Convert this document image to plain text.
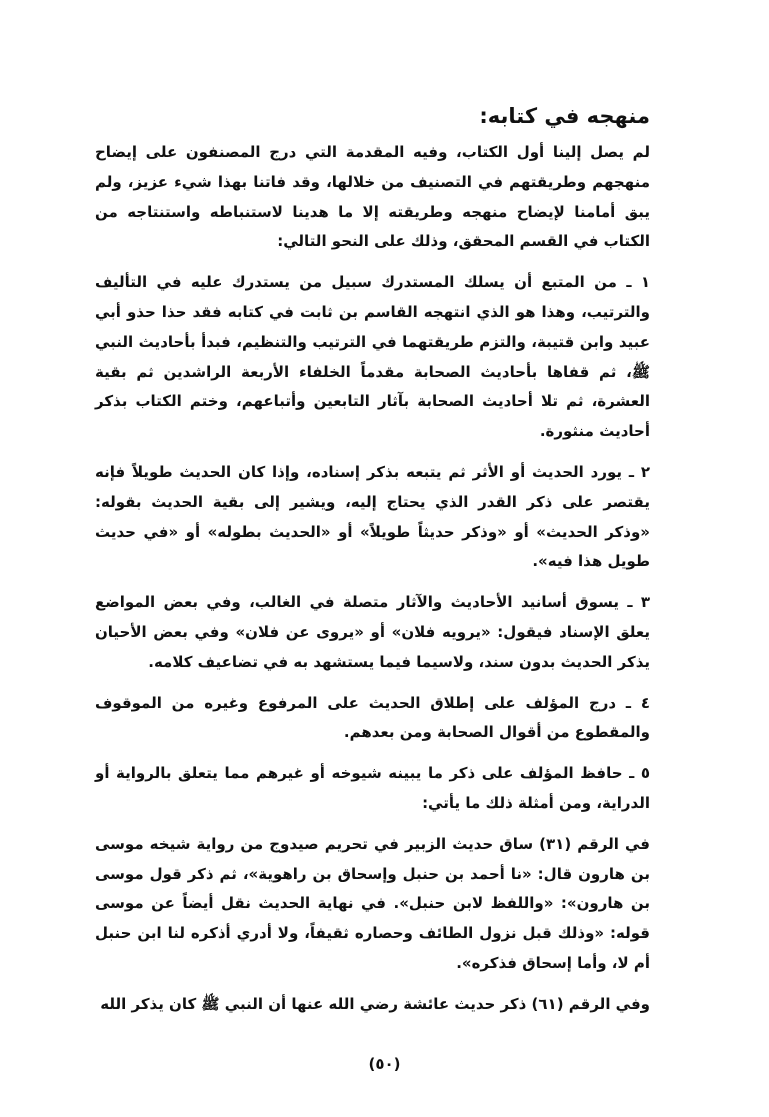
منهجه في كتابه:

لم يصل إلينا أول الكتاب، وفيه المقدمة التي درج المصنفون على إيضاح منهجهم وطريقتهم في التصنيف من خلالها، وقد فاتنا بهذا شيء عزيز، ولم يبق أمامنا لإيضاح منهجه وطريقته إلا ما هدينا لاستنباطه واستنتاجه من الكتاب في القسم المحقق، وذلك على النحو التالي:

١ ـ من المتبع أن يسلك المستدرك سبيل من يستدرك عليه في التأليف والترتيب، وهذا هو الذي انتهجه القاسم بن ثابت في كتابه فقد حذا حذو أبي عبيد وابن قتيبة، والتزم طريقتهما في الترتيب والتنظيم، فبدأ بأحاديث النبي ﷺ، ثم قفاها بأحاديث الصحابة مقدماً الخلفاء الأربعة الراشدين ثم بقية العشرة، ثم تلا أحاديث الصحابة بآثار التابعين وأتباعهم، وختم الكتاب بذكر أحاديث منثورة.

٢ ـ يورد الحديث أو الأثر ثم يتبعه بذكر إسناده، وإذا كان الحديث طويلاً فإنه يقتصر على ذكر القدر الذي يحتاج إليه، ويشير إلى بقية الحديث بقوله: «وذكر الحديث» أو «وذكر حديثاً طويلاً» أو «الحديث بطوله» أو «في حديث طويل هذا فيه».

٣ ـ يسوق أسانيد الأحاديث والآثار متصلة في الغالب، وفي بعض المواضع يعلق الإسناد فيقول: «يرويه فلان» أو «يروى عن فلان» وفي بعض الأحيان يذكر الحديث بدون سند، ولاسيما فيما يستشهد به في تضاعيف كلامه.

٤ ـ درج المؤلف على إطلاق الحديث على المرفوع وغيره من الموقوف والمقطوع من أقوال الصحابة ومن بعدهم.

٥ ـ حافظ المؤلف على ذكر ما يبينه شيوخه أو غيرهم مما يتعلق بالرواية أو الدراية، ومن أمثلة ذلك ما يأتي:

في الرقم (٣١) ساق حديث الزبير في تحريم صيدوج من رواية شيخه موسى بن هارون قال: «نا أحمد بن حنبل وإسحاق بن راهوية»، ثم ذكر قول موسى بن هارون»: «واللفظ لابن حنبل». في نهاية الحديث نقل أيضاً عن موسى قوله: «وذلك قبل نزول الطائف وحصاره ثقيفاً، ولا أدري أذكره لنا ابن حنبل أم لا، وأما إسحاق فذكره».

وفي الرقم (٦١) ذكر حديث عائشة رضي الله عنها أن النبي ﷺ كان يذكر الله

(٥٠)
